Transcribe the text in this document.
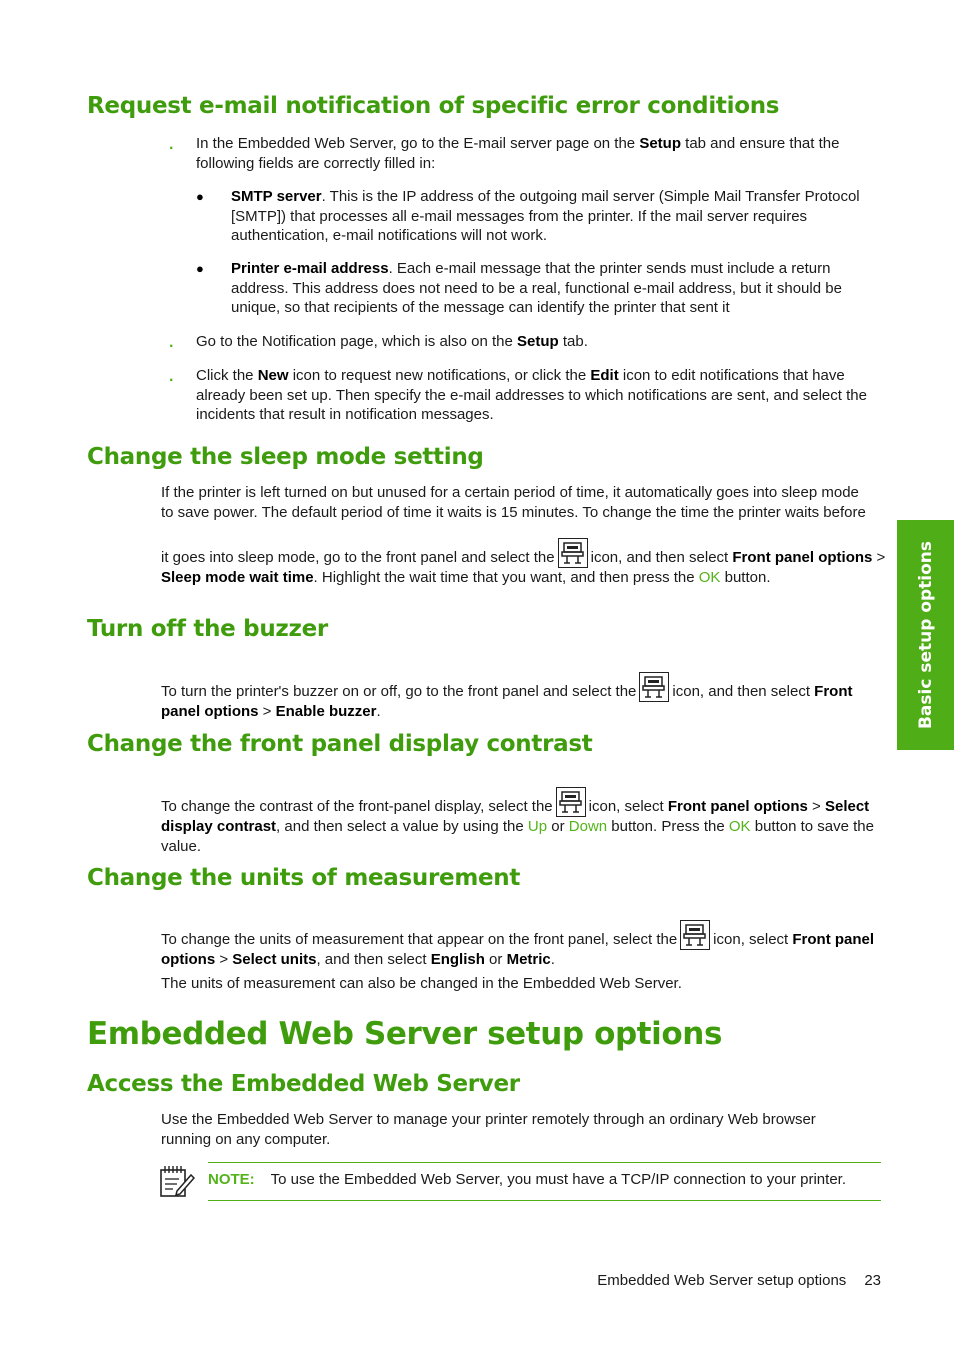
Basic setup options
Request e-mail notification of specific error conditions
. In the Embedded Web Server, go to the E-mail server page on the Setup tab and ensure that the following fields are correctly filled in:

● SMTP server. This is the IP address of the outgoing mail server (Simple Mail Transfer Protocol [SMTP]) that processes all e-mail messages from the printer. If the mail server requires authentication, e-mail notifications will not work.

● Printer e-mail address. Each e-mail message that the printer sends must include a return address. This address does not need to be a real, functional e-mail address, but it should be unique, so that recipients of the message can identify the printer that sent it

. Go to the Notification page, which is also on the Setup tab.

. Click the New icon to request new notifications, or click the Edit icon to edit notifications that have already been set up. Then specify the e-mail addresses to which notifications are sent, and select the incidents that result in notification messages.

Change the sleep mode setting

If the printer is left turned on but unused for a certain period of time, it automatically goes into sleep mode
to save power. The default period of time it waits is 15 minutes. To change the time the printer waits before

it goes into sleep mode, go to the front panel and select the icon, and then select Front panel options > Sleep mode wait time. Highlight the wait time that you want, and then press the OK button.

Turn off the buzzer

To turn the printer's buzzer on or off, go to the front panel and select the icon, and then select Front panel options > Enable buzzer.

Change the front panel display contrast

To change the contrast of the front-panel display, select the icon, select Front panel options > Select display contrast, and then select a value by using the Up or Down button. Press the OK button to save the value.

Change the units of measurement

To change the units of measurement that appear on the front panel, select the icon, select Front panel options > Select units, and then select English or Metric.

The units of measurement can also be changed in the Embedded Web Server.

Embedded Web Server setup options
Access the Embedded Web Server

Use the Embedded Web Server to manage your printer remotely through an ordinary Web browser running on any computer.

NOTE: To use the Embedded Web Server, you must have a TCP/IP connection to your printer.

Embedded Web Server setup options 23
